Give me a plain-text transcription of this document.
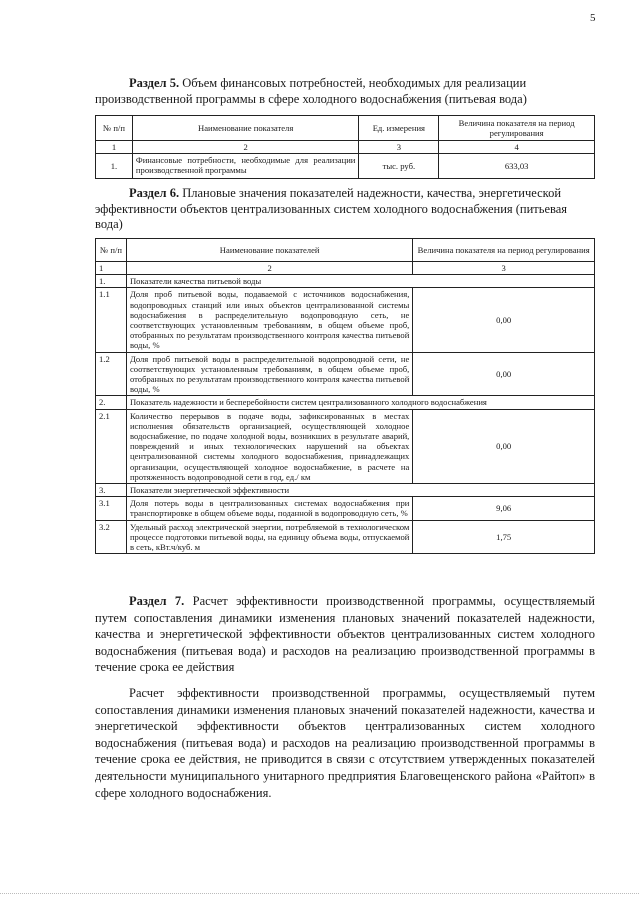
5
Раздел 5. Объем финансовых потребностей, необходимых для реализации производственной программы в сфере холодного водоснабжения (питьевая вода)
№ п/п	Наименование показателя	Ед. измерения	Величина показателя на период регулирования
1	2	3	4
1.	Финансовые потребности, необходимые для реализации производственной программы	тыс. руб.	633,03
Раздел 6. Плановые значения показателей надежности, качества, энергетической эффективности объектов централизованных систем холодного водоснабжения (питьевая вода)
№ п/п	Наименование показателей	Величина показателя на период регулирования
1	2	3
1.	Показатели качества питьевой воды	
1.1	Доля проб питьевой воды, подаваемой с источников водоснабжения, водопроводных станций или иных объектов централизованной системы водоснабжения в распределительную водопроводную сеть, не соответствующих установленным требованиям, в общем объеме проб, отобранных по результатам производственного контроля качества питьевой воды, %	0,00
1.2	Доля проб питьевой воды в распределительной водопроводной сети, не соответствующих установленным требованиям, в общем объеме проб, отобранных по результатам производственного контроля качества питьевой воды, %	0,00
2.	Показатель надежности и бесперебойности систем централизованного холодного водоснабжения	
2.1	Количество перерывов в подаче воды, зафиксированных в местах исполнения обязательств организацией, осуществляющей холодное водоснабжение, по подаче холодной воды, возникших в результате аварий, повреждений и иных технологических нарушений на объектах централизованной системы холодного водоснабжения, принадлежащих организации, осуществляющей холодное водоснабжение, в расчете на протяженность водопроводной сети в год, ед./ км	0,00
3.	Показатели энергетической эффективности	
3.1	Доля потерь воды в централизованных системах водоснабжения при транспортировке в общем объеме воды, поданной в водопроводную сеть, %	9,06
3.2	Удельный расход электрической энергии, потребляемой в технологическом процессе подготовки питьевой воды, на единицу объема воды, отпускаемой в сеть, кВт.ч/куб. м	1,75
Раздел 7. Расчет эффективности производственной программы, осуществляемый путем сопоставления динамики изменения плановых значений показателей надежности, качества и энергетической эффективности объектов централизованных систем холодного водоснабжения (питьевая вода) и расходов на реализацию производственной программы в течение срока ее действия
Расчет эффективности производственной программы, осуществляемый путем сопоставления динамики изменения плановых значений показателей надежности, качества и энергетической эффективности объектов централизованных систем холодного водоснабжения (питьевая вода) и расходов на реализацию производственной программы в течение срока ее действия, не приводится в связи с отсутствием утвержденных показателей деятельности муниципального унитарного предприятия Благовещенского района «Райтоп» в сфере холодного водоснабжения.
